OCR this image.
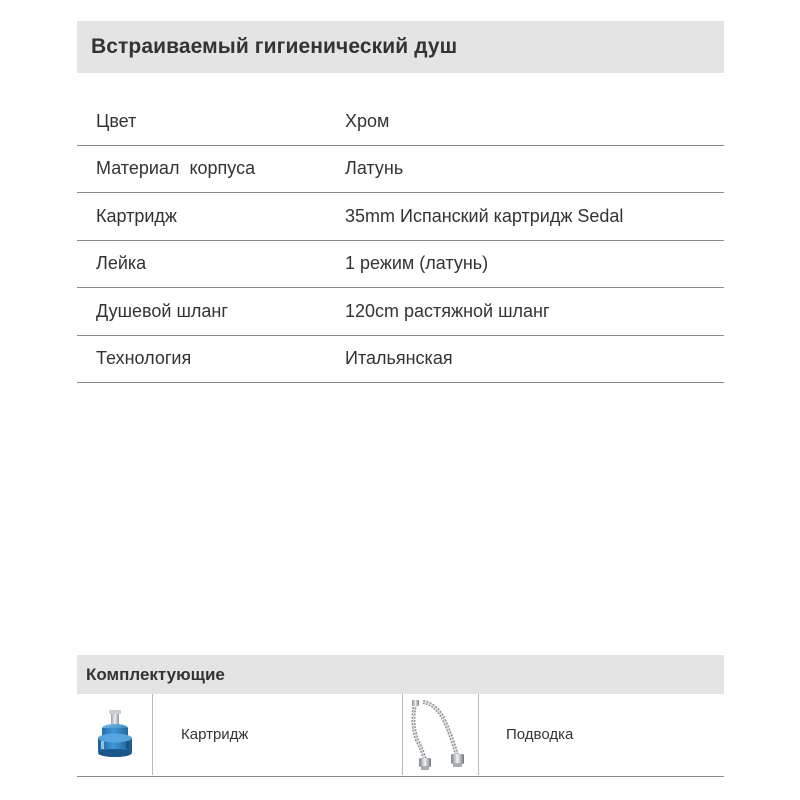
Встраиваемый гигиенический душ
Цвет	Хром
Материал  корпуса	Латунь
Картридж	35mm Испанский картридж Sedal
Лейка	1 режим (латунь)
Душевой шланг	120cm растяжной шланг
Технология	Итальянская
Комплектующие
Картридж	Подводка
